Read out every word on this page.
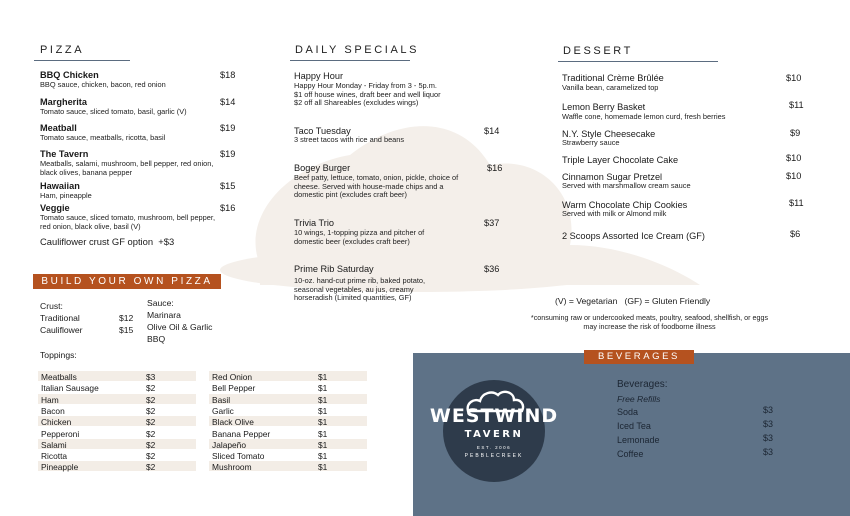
PIZZA
BBQ Chicken	$18
BBQ sauce, chicken, bacon, red onion
Margherita	$14
Tomato sauce, sliced tomato, basil, garlic (V)
Meatball	$19
Tomato sauce, meatballs, ricotta, basil
The Tavern	$19
Meatballs, salami, mushroom, bell pepper, red onion, black olives, banana pepper
Hawaiian	$15
Ham, pineapple
Veggie	$16
Tomato sauce, sliced tomato, mushroom, bell pepper, red onion, black olive, basil (V)
Cauliflower crust GF option  +$3
BUILD YOUR OWN PIZZA
Crust:
Traditional	$12
Cauliflower	$15
Sauce:
Marinara
Olive Oil & Garlic
BBQ
Toppings:
Meatballs	$3
Italian Sausage	$2
Ham	$2
Bacon	$2
Chicken	$2
Pepperoni	$2
Salami	$2
Ricotta	$2
Pineapple	$2
Red Onion	$1
Bell Pepper	$1
Basil	$1
Garlic	$1
Black Olive	$1
Banana Pepper	$1
Jalapeño	$1
Sliced Tomato	$1
Mushroom	$1
DAILY SPECIALS
Happy Hour
Happy Hour Monday - Friday from 3 - 5p.m.
$1 off house wines, draft beer and well liquor
$2 off all Shareables (excludes wings)
Taco Tuesday	$14
3 street tacos with rice and beans
Bogey Burger	$16
Beef patty, lettuce, tomato, onion, pickle, choice of cheese. Served with house-made chips and a domestic pint (excludes craft beer)
Trivia Trio	$37
10 wings, 1-topping pizza and pitcher of domestic beer (excludes craft beer)
Prime Rib Saturday	$36
10-oz. hand-cut prime rib, baked potato, seasonal vegetables, au jus, creamy horseradish (Limited quantities, GF)
DESSERT
Traditional Crème Brûlée	$10
Vanilla bean, caramelized top
Lemon Berry Basket	$11
Waffle cone, homemade lemon curd, fresh berries
N.Y. Style Cheesecake	$9
Strawberry sauce
Triple Layer Chocolate Cake	$10
Cinnamon Sugar Pretzel	$10
Served with marshmallow cream sauce
Warm Chocolate Chip Cookies	$11
Served with milk or Almond milk
2 Scoops Assorted Ice Cream (GF)	$6
(V) = Vegetarian   (GF) = Gluten Friendly
*consuming raw or undercooked meats, poultry, seafood, shellfish, or eggs may increase the risk of foodborne illness
BEVERAGES
Beverages:
Free Refills
Soda	$3
Iced Tea	$3
Lemonade	$3
Coffee	$3
WESTWIND
TAVERN
EST. 2006
PEBBLECREEK
